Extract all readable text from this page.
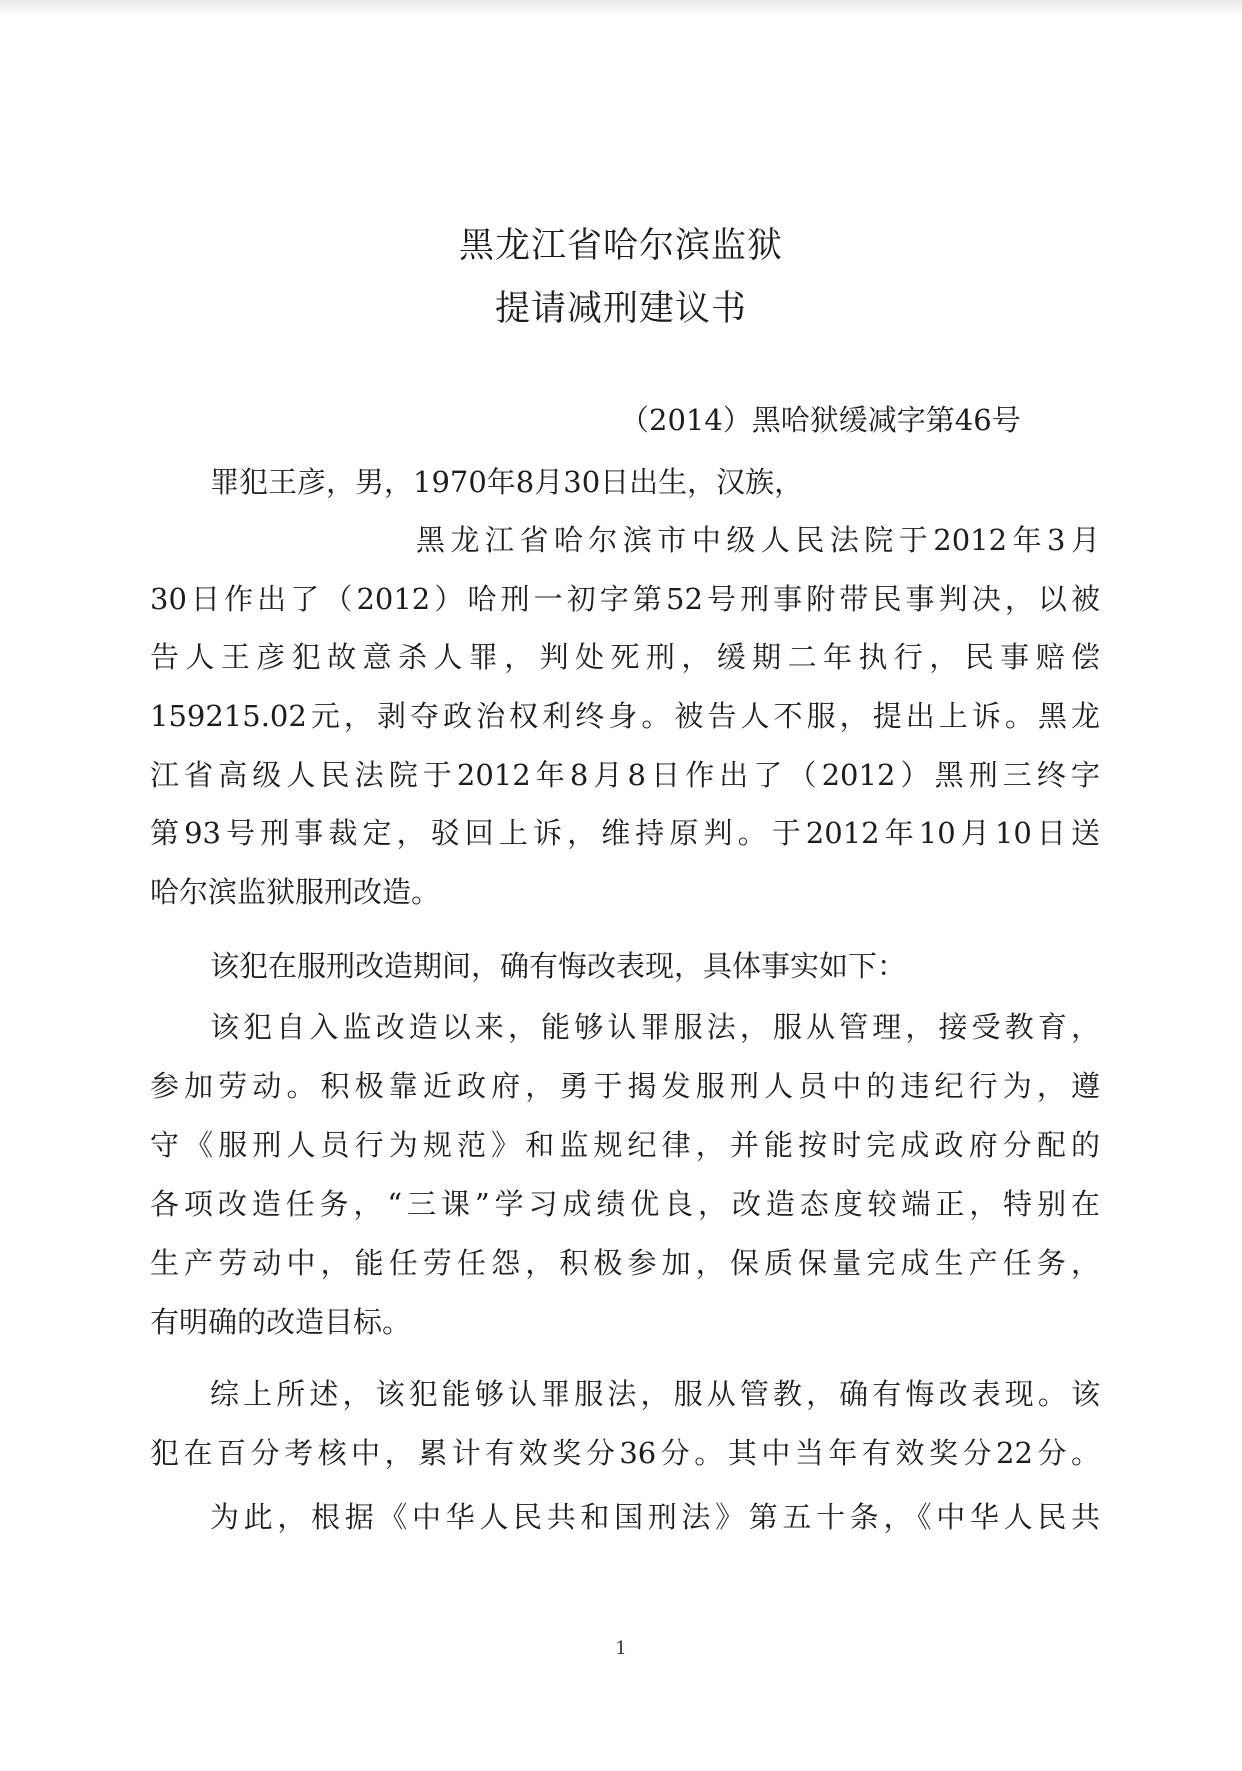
黑龙江省哈尔滨监狱
提请减刑建议书
（2014）黑哈狱缓减字第46号
罪犯王彦，男，1970年8月30日出生，汉族，
黑龙江省哈尔滨市中级人民法院于2012年3月
30日作出了（2012）哈刑一初字第52号刑事附带民事判决，以被
告人王彦犯故意杀人罪，判处死刑，缓期二年执行，民事赔偿
159215.02元，剥夺政治权利终身。被告人不服，提出上诉。黑龙
江省高级人民法院于2012年8月8日作出了（2012）黑刑三终字
第93号刑事裁定，驳回上诉，维持原判。于2012年10月10日送
哈尔滨监狱服刑改造。
该犯在服刑改造期间，确有悔改表现，具体事实如下：
该犯自入监改造以来，能够认罪服法，服从管理，接受教育，
参加劳动。积极靠近政府，勇于揭发服刑人员中的违纪行为，遵
守《服刑人员行为规范》和监规纪律，并能按时完成政府分配的
各项改造任务，“三课”学习成绩优良，改造态度较端正，特别在
生产劳动中，能任劳任怨，积极参加，保质保量完成生产任务，
有明确的改造目标。
综上所述，该犯能够认罪服法，服从管教，确有悔改表现。该
犯在百分考核中，累计有效奖分36分。其中当年有效奖分22分。
为此，根据《中华人民共和国刑法》第五十条，《中华人民共
1
